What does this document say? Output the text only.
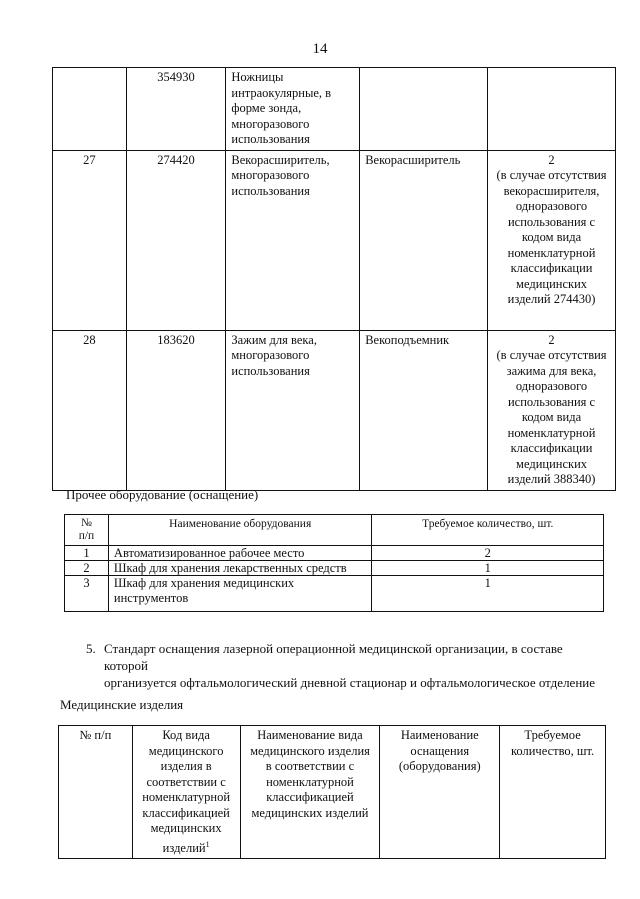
14
	354930	Ножницы интраокулярные, в форме зонда, многоразового использования		
27	274420	Векорасширитель, многоразового использования	Векорасширитель	2
(в случае отсутствия векорасширителя, одноразового использования с кодом вида номенклатурной классификации медицинских изделий 274430)

28	183620	Зажим для века, многоразового использования	Векоподъемник	2
(в случае отсутствия зажима для века, одноразового использования с кодом вида номенклатурной классификации медицинских изделий 388340)
Прочее оборудование (оснащение)
№
п/п	Наименование оборудования	Требуемое количество, шт.
1	Автоматизированное рабочее место	2
2	Шкаф для хранения лекарственных средств	1
3	Шкаф для хранения медицинских инструментов	1
5. Стандарт оснащения лазерной операционной медицинской организации, в составе которой
организуется офтальмологический дневной стационар и офтальмологическое отделение
Медицинские изделия
№ п/п	Код вида медицинского изделия в соответствии с номенклатурной классификацией медицинских изделий$^1$	Наименование вида медицинского изделия в соответствии с номенклатурной классификацией медицинских изделий	Наименование оснащения (оборудования)	Требуемое количество, шт.
